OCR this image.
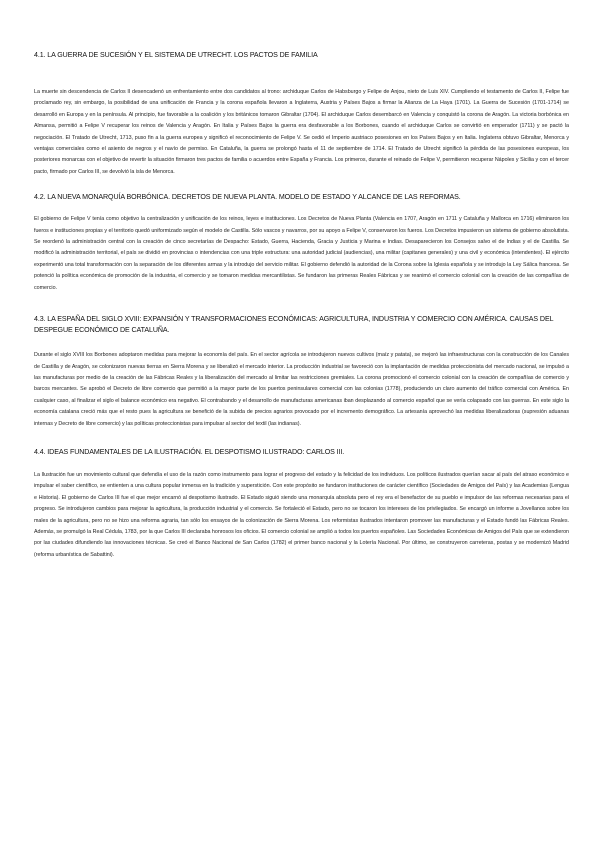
4.1. LA GUERRA DE SUCESIÓN Y EL SISTEMA DE UTRECHT. LOS PACTOS DE FAMILIA

La muerte sin descendencia de Carlos II desencadenó un enfrentamiento entre dos candidatos al trono: archiduque Carlos de Habsburgo y Felipe de Anjou, nieto de Luis XIV. Cumpliendo el testamento de Carlos II, Felipe fue proclamado rey, sin embargo, la posibilidad de una unificación de Francia y la corona española llevaron a Inglaterra, Austria y Países Bajos a firmar la Alianza de La Haya (1701). La Guerra de Sucesión (1701-1714) se desarrolló en Europa y en la península. Al principio, fue favorable a la coalición y los británicos tomaron Gibraltar (1704). El archiduque Carlos desembarcó en Valencia y conquistó la corona de Aragón. La victoria borbónica en Almansa, permitió a Felipe V recuperar los reinos de Valencia y Aragón. En Italia y Países Bajos la guerra era desfavorable a los Borbones, cuando el archiduque Carlos se convirtió en emperador (1711) y se pactó la negociación. El Tratado de Utrecht, 1713, puso fin a la guerra europea y significó el reconocimiento de Felipe V. Se cedió el Imperio austriaco posesiones en los Países Bajos y en Italia. Inglaterra obtuvo Gibraltar, Menorca y ventajas comerciales como el asiento de negros y el navío de permiso. En Cataluña, la guerra se prolongó hasta el 11 de septiembre de 1714. El Tratado de Utrecht significó la pérdida de las posesiones europeas, los posteriores monarcas con el objetivo de revertir la situación firmaron tres pactos de familia o acuerdos entre España y Francia. Los primeros, durante el reinado de Felipe V, permitieron recuperar Nápoles y Sicilia y con el tercer pacto, firmado por Carlos III, se devolvió la isla de Menorca.

4.2. LA NUEVA MONARQUÍA BORBÓNICA. DECRETOS DE NUEVA PLANTA. MODELO DE ESTADO Y ALCANCE DE LAS REFORMAS.

El gobierno de Felipe V tenía como objetivo la centralización y unificación de los reinos, leyes e instituciones. Los Decretos de Nueva Planta (Valencia en 1707, Aragón en 1711 y Cataluña y Mallorca en 1716) eliminaron los fueros e instituciones propias y el territorio quedó uniformizado según el modelo de Castilla. Sólo vascos y navarros, por su apoyo a Felipe V, conservaron los fueros. Los Decretos impusieron un sistema de gobierno absolutista. Se reordenó la administración central con la creación de cinco secretarías de Despacho: Estado, Guerra, Hacienda, Gracia y Justicia y Marina e Indias. Desaparecieron los Consejos salvo el de Indias y el de Castilla. Se modificó la administración territorial, el país se dividió en provincias o intendencias con una triple estructura: una autoridad judicial (audiencias), una militar (capitanes generales) y una civil y económica (intendentes). El ejército experimentó una total transformación con la separación de los diferentes armas y la introdujo del servicio militar. El gobierno defendió la autoridad de la Corona sobre la Iglesia española y se introdujo la Ley Sálica francesa. Se potenció la política económica de promoción de la industria, el comercio y se tomaron medidas mercantilistas. Se fundaron las primeras Reales Fábricas y se reanimó el comercio colonial con la creación de las compañías de comercio.

4.3. LA ESPAÑA DEL SIGLO XVIII: EXPANSIÓN Y TRANSFORMACIONES ECONÓMICAS: AGRICULTURA, INDUSTRIA Y COMERCIO CON AMÉRICA. CAUSAS DEL DESPEGUE ECONÓMICO DE CATALUÑA.

Durante el siglo XVIII los Borbones adoptaron medidas para mejorar la economía del país. En el sector agrícola se introdujeron nuevos cultivos (maíz y patata), se mejoró las infraestructuras con la construcción de los Canales de Castilla y de Aragón, se colonizaron nuevas tierras en Sierra Morena y se liberalizó el mercado interior. La producción industrial se favoreció con la implantación de medidas proteccionista del mercado nacional, se impulsó a las manufacturas por medio de la creación de las Fábricas Reales y la liberalización del mercado al limitar las restricciones gremiales. La corona promocionó el comercio colonial con la creación de compañías de comercio y barcos mercantes. Se aprobó el Decreto de libre comercio que permitió a la mayor parte de los puertos peninsulares comercial con las colonias (1778), produciendo un claro aumento del tráfico comercial con América. En cualquier caso, al finalizar el siglo el balance económico era negativo. El contrabando y el desarrollo de manufacturas americanas iban desplazando al comercio español que se vería colapsado con las guerras. En este siglo la economía catalana creció más que el resto pues la agricultura se benefició de la subida de precios agrarios provocado por el incremento demográfico. La artesanía aprovechó las medidas liberalizadoras (supresión aduanas internas y Decreto de libre comercio) y las políticas proteccionistas para impulsar al sector del textil (las indianas).

4.4. IDEAS FUNDAMENTALES DE LA ILUSTRACIÓN. EL DESPOTISMO ILUSTRADO: CARLOS III.

La Ilustración fue un movimiento cultural que defendía el uso de la razón como instrumento para lograr el progreso del estado y la felicidad de los individuos. Los políticos ilustrados querían sacar al país del atraso económico e impulsar el saber científico, se entienten a una cultura popular inmersa en la tradición y superstición. Con este propósito se fundaron instituciones de carácter científico (Sociedades de Amigos del País) y las Academias (Lengua e Historia). El gobierno de Carlos III fue el que mejor encarnó al despotismo ilustrado. El Estado siguió siendo una monarquía absoluta pero el rey era el benefactor de su pueblo e impulsor de las reformas necesarias para el progreso. Se introdujeron cambios para mejorar la agricultura, la producción industrial y el comercio. Se fortaleció el Estado, pero no se tocaron los intereses de los privilegiados. Se encargó un informe a Jovellanos sobre los males de la agricultura, pero no se hizo una reforma agraria, tan sólo los ensayos de la colonización de Sierra Morena. Los reformistas ilustrados intentaron promover las manufacturas y el Estado fundó las Fábricas Reales. Además, se promulgó la Real Cédula, 1783, por la que Carlos III declaraba honrosos los oficios. El comercio colonial se amplió a todos los puertos españoles. Las Sociedades Económicas de Amigos del País que se extendieron por las ciudades difundiendo las innovaciones técnicas. Se creó el Banco Nacional de San Carlos (1782) el primer banco nacional y la Lotería Nacional. Por último, se construyeron carreteras, postas y se modernizó Madrid (reforma urbanística de Sabattini).
